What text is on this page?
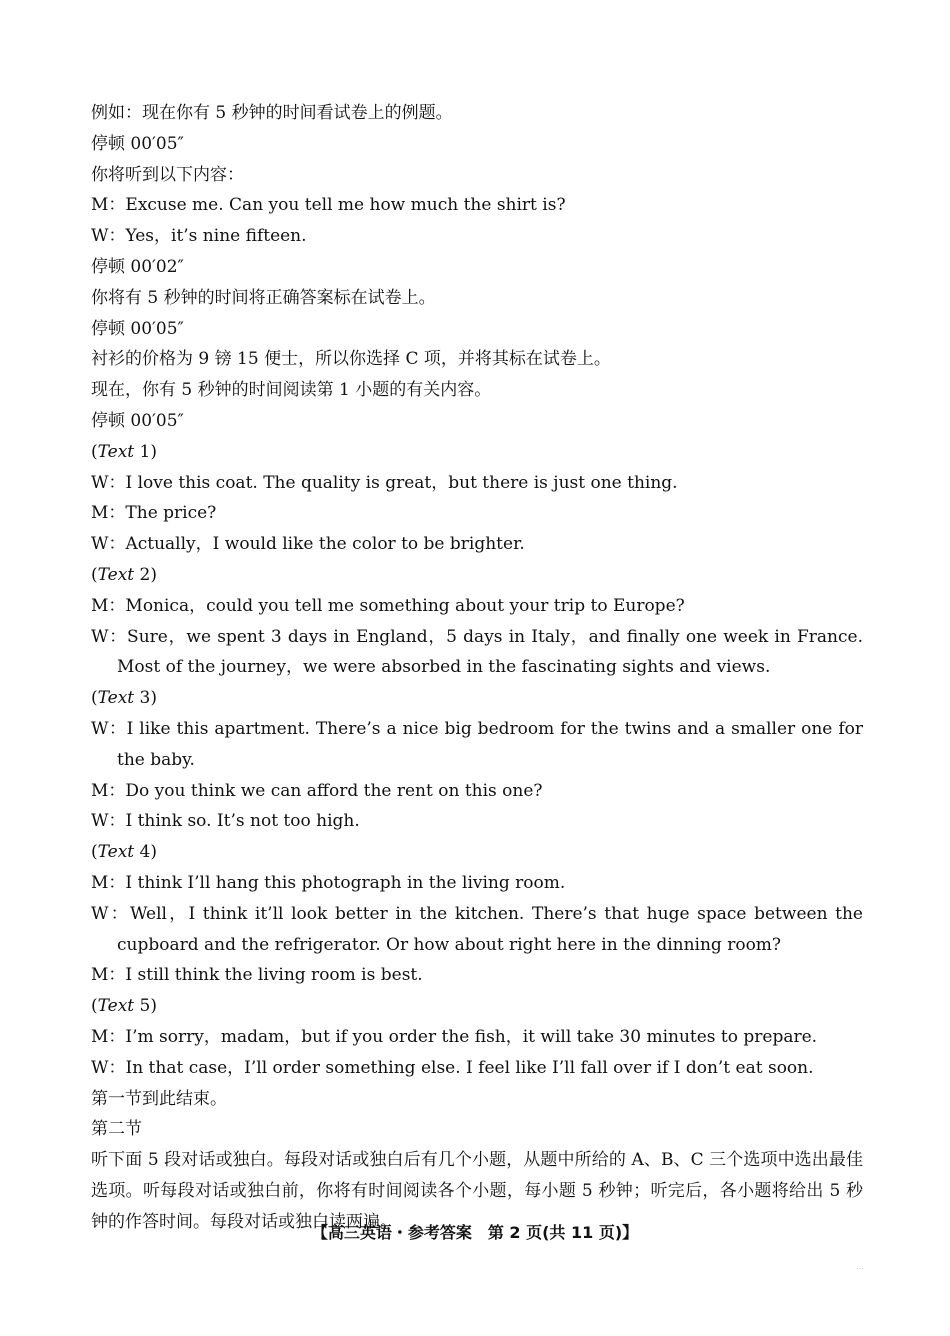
例如：现在你有 5 秒钟的时间看试卷上的例题。

停顿 00′05″

你将听到以下内容：

M：Excuse me. Can you tell me how much the shirt is?

W：Yes，it’s nine fifteen.

停顿 00′02″

你将有 5 秒钟的时间将正确答案标在试卷上。

停顿 00′05″

衬衫的价格为 9 镑 15 便士，所以你选择 C 项，并将其标在试卷上。

现在，你有 5 秒钟的时间阅读第 1 小题的有关内容。

停顿 00′05″

(Text 1)

W：I love this coat. The quality is great，but there is just one thing.

M：The price?

W：Actually，I would like the color to be brighter.

(Text 2)

M：Monica，could you tell me something about your trip to Europe?

W：Sure，we spent 3 days in England，5 days in Italy，and finally one week in France. Most of the journey，we were absorbed in the fascinating sights and views.

(Text 3)

W：I like this apartment. There’s a nice big bedroom for the twins and a smaller one for the baby.

M：Do you think we can afford the rent on this one?

W：I think so. It’s not too high.

(Text 4)

M：I think I’ll hang this photograph in the living room.

W：Well，I think it’ll look better in the kitchen. There’s that huge space between the cupboard and the refrigerator. Or how about right here in the dinning room?

M：I still think the living room is best.

(Text 5)

M：I’m sorry，madam，but if you order the fish，it will take 30 minutes to prepare.

W：In that case，I’ll order something else. I feel like I’ll fall over if I don’t eat soon.

第一节到此结束。

第二节

听下面 5 段对话或独白。每段对话或独白后有几个小题，从题中所给的 A、B、C 三个选项中选出最佳选项。听每段对话或独白前，你将有时间阅读各个小题，每小题 5 秒钟；听完后，各小题将给出 5 秒钟的作答时间。每段对话或独白读两遍。

【高三英语・参考答案　第 2 页(共 11 页)】
...
